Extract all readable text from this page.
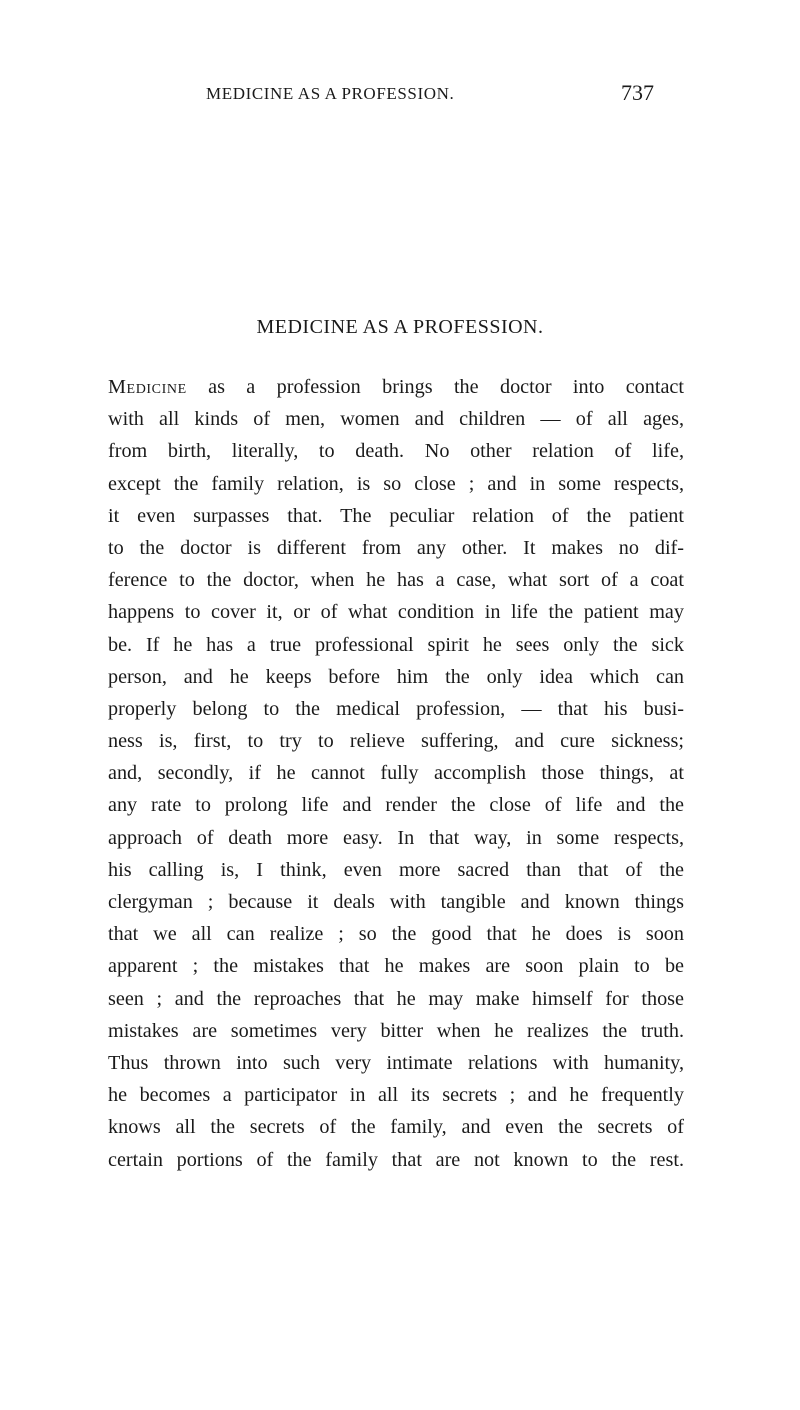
MEDICINE AS A PROFESSION.	737
MEDICINE AS A PROFESSION.
Medicine as a profession brings the doctor into contact
with all kinds of men, women and children — of all ages,
from birth, literally, to death. No other relation of life,
except the family relation, is so close ; and in some respects,
it even surpasses that. The peculiar relation of the patient
to the doctor is different from any other. It makes no dif-
ference to the doctor, when he has a case, what sort of a coat
happens to cover it, or of what condition in life the patient may
be. If he has a true professional spirit he sees only the sick
person, and he keeps before him the only idea which can
properly belong to the medical profession, — that his busi-
ness is, first, to try to relieve suffering, and cure sickness;
and, secondly, if he cannot fully accomplish those things, at
any rate to prolong life and render the close of life and the
approach of death more easy. In that way, in some respects,
his calling is, I think, even more sacred than that of the
clergyman ; because it deals with tangible and known things
that we all can realize ; so the good that he does is soon
apparent ; the mistakes that he makes are soon plain to be
seen ; and the reproaches that he may make himself for those
mistakes are sometimes very bitter when he realizes the truth.
Thus thrown into such very intimate relations with humanity,
he becomes a participator in all its secrets ; and he frequently
knows all the secrets of the family, and even the secrets of
certain portions of the family that are not known to the rest.
